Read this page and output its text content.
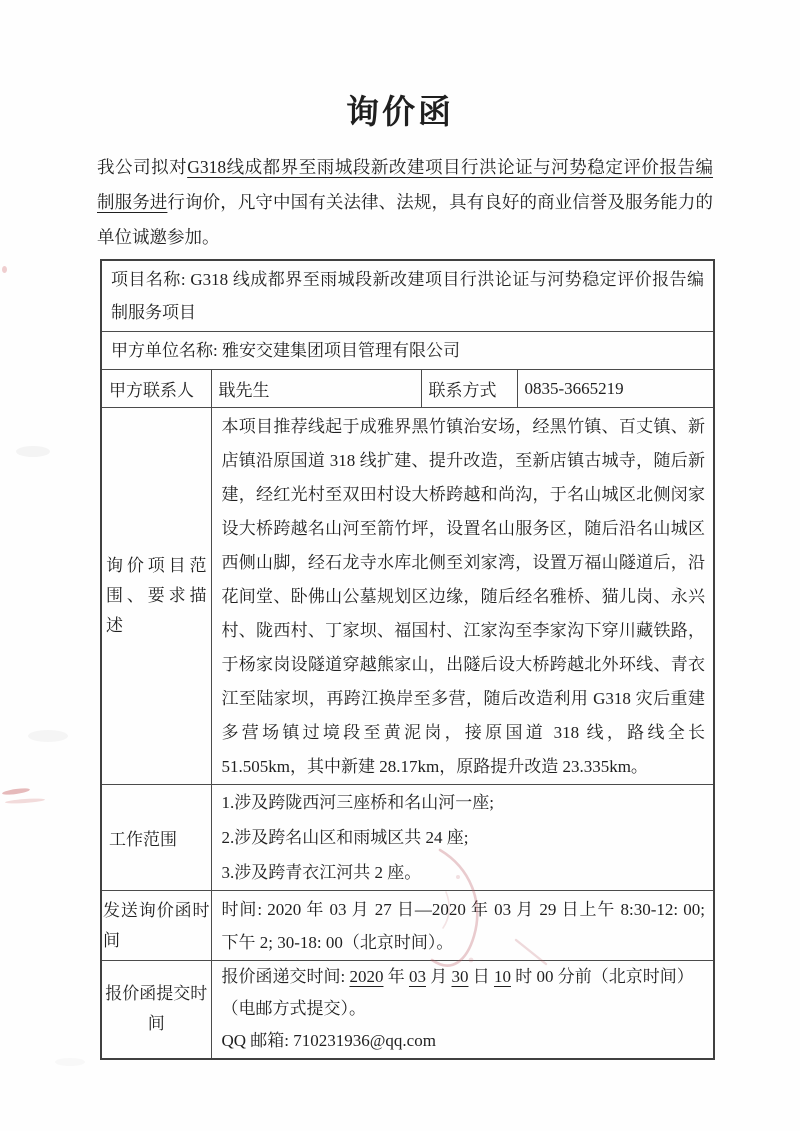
询价函

我公司拟对G318线成都界至雨城段新改建项目行洪论证与河势稳定评价报告编制服务进行询价，凡守中国有关法律、法规，具有良好的商业信誉及服务能力的单位诚邀参加。

项目名称: G318 线成都界至雨城段新改建项目行洪论证与河势稳定评价报告编制服务项目			
甲方单位名称: 雅安交建集团项目管理有限公司			
甲方联系人	戢先生	联系方式	0835-3665219
询价项目范围、要求描述	本项目推荐线起于成雅界黑竹镇治安场，经黑竹镇、百丈镇、新店镇沿原国道 318 线扩建、提升改造，至新店镇古城寺，随后新建，经红光村至双田村设大桥跨越和尚沟，于名山城区北侧闵家设大桥跨越名山河至箭竹坪，设置名山服务区，随后沿名山城区西侧山脚，经石龙寺水库北侧至刘家湾，设置万福山隧道后，沿花间堂、卧佛山公墓规划区边缘，随后经名雅桥、猫儿岗、永兴村、陇西村、丁家坝、福国村、江家沟至李家沟下穿川藏铁路，于杨家岗设隧道穿越熊家山，出隧后设大桥跨越北外环线、青衣江至陆家坝，再跨江换岸至多营，随后改造利用 G318 灾后重建多营场镇过境段至黄泥岗，接原国道 318 线，路线全长 51.505km，其中新建 28.17km，原路提升改造 23.335km。		
工作范围	1.涉及跨陇西河三座桥和名山河一座;
2.涉及跨名山区和雨城区共 24 座;
3.涉及跨青衣江河共 2 座。		

发送询价函时间	时间: 2020 年 03 月 27 日—2020 年 03 月 29 日上午 8:30-12: 00; 下午 2; 30-18: 00（北京时间）。		
报价函提交时间	报价函递交时间: 2020 年 03 月 30 日 10 时 00 分前（北京时间）（电邮方式提交）。
QQ 邮箱: 710231936@qq.com		
